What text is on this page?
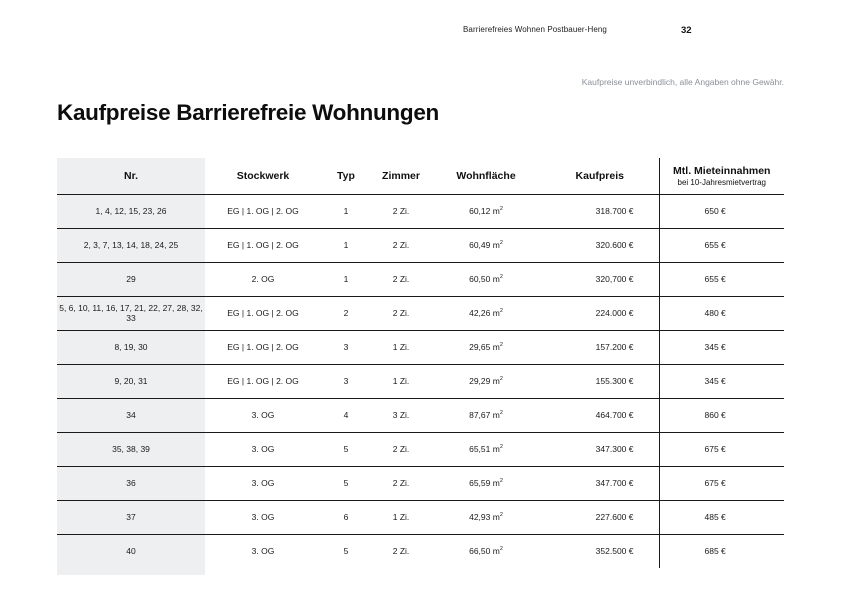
Barrierefreies Wohnen Postbauer-Heng	32
Kaufpreise unverbindlich, alle Angaben ohne Gewähr.
Kaufpreise Barrierefreie Wohnungen
Nr.	Stockwerk	Typ	Zimmer	Wohnfläche	Kaufpreis	Mtl. Mieteinnahmen
bei 10-Jahresmietvertrag

1, 4, 12, 15, 23, 26	EG | 1. OG | 2. OG	1	2 Zi.	60,12 $m^2$	318.700 €	650 €
2, 3, 7, 13, 14, 18, 24, 25	EG | 1. OG | 2. OG	1	2 Zi.	60,49 $m^2$	320.600 €	655 €
29	2. OG	1	2 Zi.	60,50 $m^2$	320,700 €	655 €
5, 6, 10, 11, 16, 17, 21, 22, 27, 28, 32, 33	EG | 1. OG | 2. OG	2	2 Zi.	42,26 $m^2$	224.000 €	480 €
8, 19, 30	EG | 1. OG | 2. OG	3	1 Zi.	29,65 $m^2$	157.200 €	345 €
9, 20, 31	EG | 1. OG | 2. OG	3	1 Zi.	29,29 $m^2$	155.300 €	345 €
34	3. OG	4	3 Zi.	87,67 $m^2$	464.700 €	860 €
35, 38, 39	3. OG	5	2 Zi.	65,51 $m^2$	347.300 €	675 €
36	3. OG	5	2 Zi.	65,59 $m^2$	347.700 €	675 €
37	3. OG	6	1 Zi.	42,93 $m^2$	227.600 €	485 €
40	3. OG	5	2 Zi.	66,50 $m^2$	352.500 €	685 €
